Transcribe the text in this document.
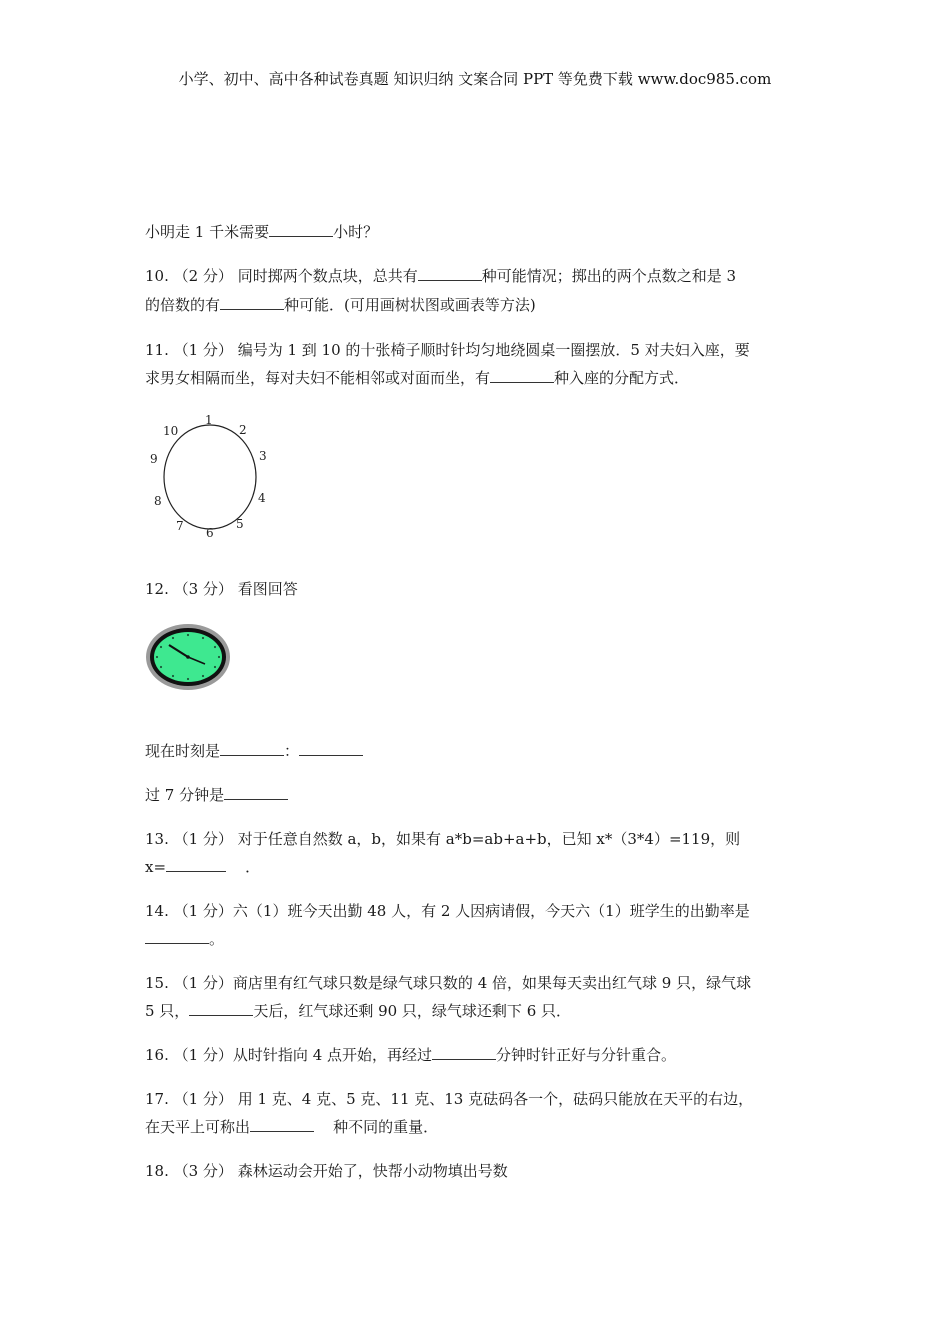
小学、初中、高中各种试卷真题 知识归纳 文案合同 PPT 等免费下载 www.doc985.com
小明走 1 千米需要	小时？
10. （2 分） 同时掷两个数点块，总共有	种可能情况；掷出的两个点数之和是 3
的倍数的有	种可能．(可用画树状图或画表等方法)
11. （1 分） 编号为 1 到 10 的十张椅子顺时针均匀地绕圆桌一圈摆放．5 对夫妇入座，要
求男女相隔而坐，每对夫妇不能相邻或对面而坐，有	种入座的分配方式．
1
2
3
4
5
6
7
8
9
10
12. （3 分） 看图回答
现在时刻是	：
过 7 分钟是
13. （1 分） 对于任意自然数 a，b，如果有 a*b=ab+a+b，已知 x*（3*4）=119，则
x=	．
14. （1 分）六（1）班今天出勤 48 人，有 2 人因病请假，今天六（1）班学生的出勤率是
。
15. （1 分）商店里有红气球只数是绿气球只数的 4 倍，如果每天卖出红气球 9 只，绿气球
5 只，	天后，红气球还剩 90 只，绿气球还剩下 6 只．
16. （1 分）从时针指向 4 点开始，再经过	分钟时针正好与分针重合。
17. （1 分） 用 1 克、4 克、5 克、11 克、13 克砝码各一个，砝码只能放在天平的右边，
在天平上可称出	种不同的重量．
18. （3 分） 森林运动会开始了，快帮小动物填出号数
